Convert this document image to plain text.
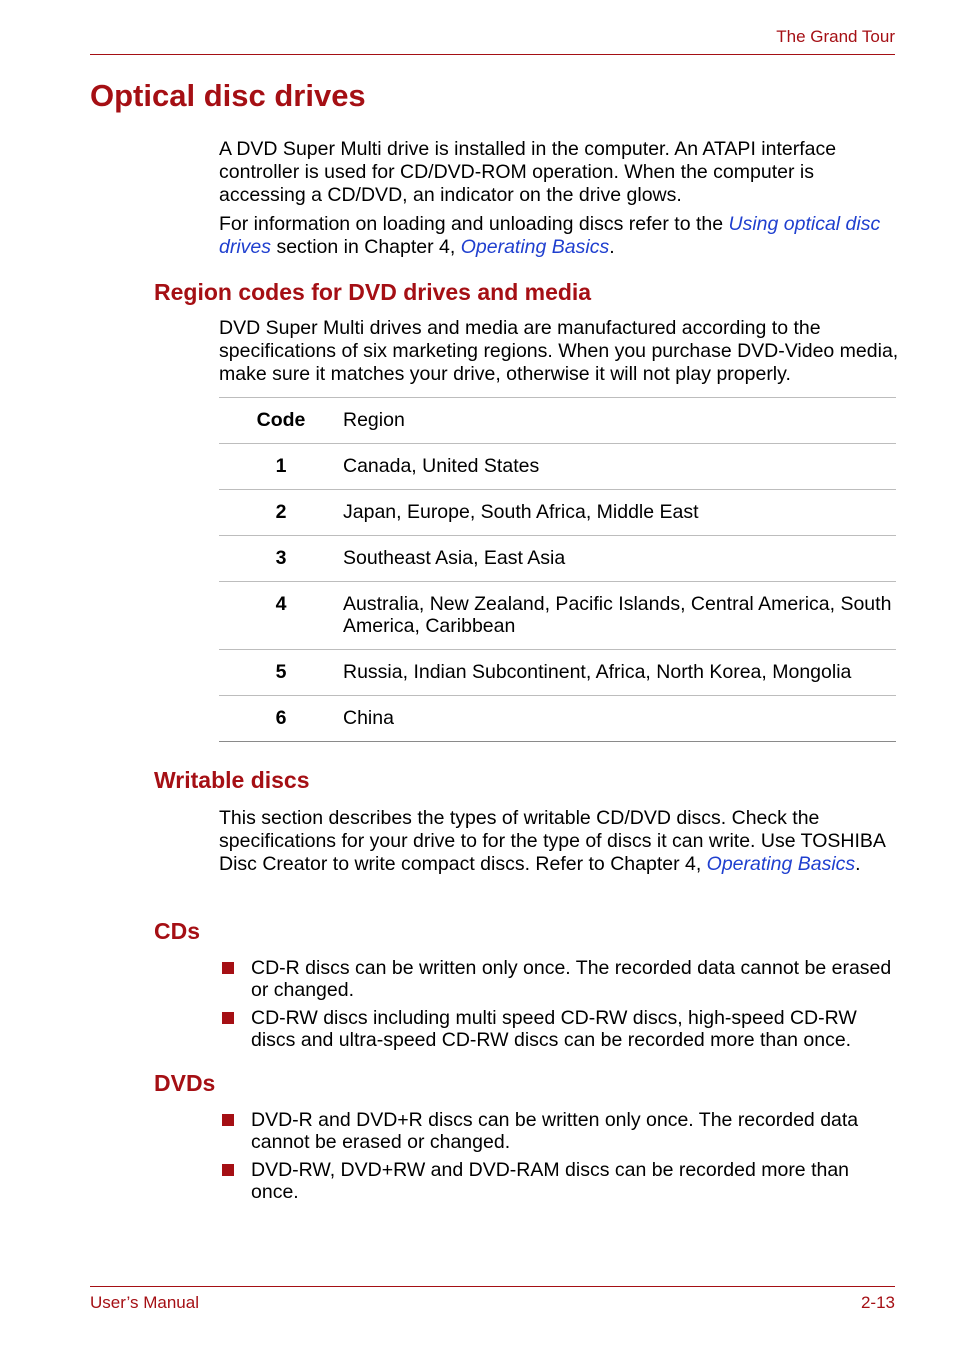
The Grand Tour
Optical disc drives

A DVD Super Multi drive is installed in the computer. An ATAPI interface controller is used for CD/DVD-ROM operation. When the computer is accessing a CD/DVD, an indicator on the drive glows.

For information on loading and unloading discs refer to the Using optical disc drives section in Chapter 4, Operating Basics.

Region codes for DVD drives and media

DVD Super Multi drives and media are manufactured according to the specifications of six marketing regions. When you purchase DVD-Video media, make sure it matches your drive, otherwise it will not play properly.

Code	Region

1	Canada, United States

2	Japan, Europe, South Africa, Middle East

3	Southeast Asia, East Asia

4	Australia, New Zealand, Pacific Islands, Central America, South America, Caribbean

5	Russia, Indian Subcontinent, Africa, North Korea, Mongolia

6	China
Writable discs

This section describes the types of writable CD/DVD discs. Check the specifications for your drive to for the type of discs it can write. Use TOSHIBA Disc Creator to write compact discs. Refer to Chapter 4, Operating Basics.

CDs
CD-R discs can be written only once. The recorded data cannot be erased or changed.
CD-RW discs including multi speed CD-RW discs, high-speed CD-RW discs and ultra-speed CD-RW discs can be recorded more than once.
DVDs
DVD-R and DVD+R discs can be written only once. The recorded data cannot be erased or changed.
DVD-RW, DVD+RW and DVD-RAM discs can be recorded more than once.
User’s Manual	2-13
